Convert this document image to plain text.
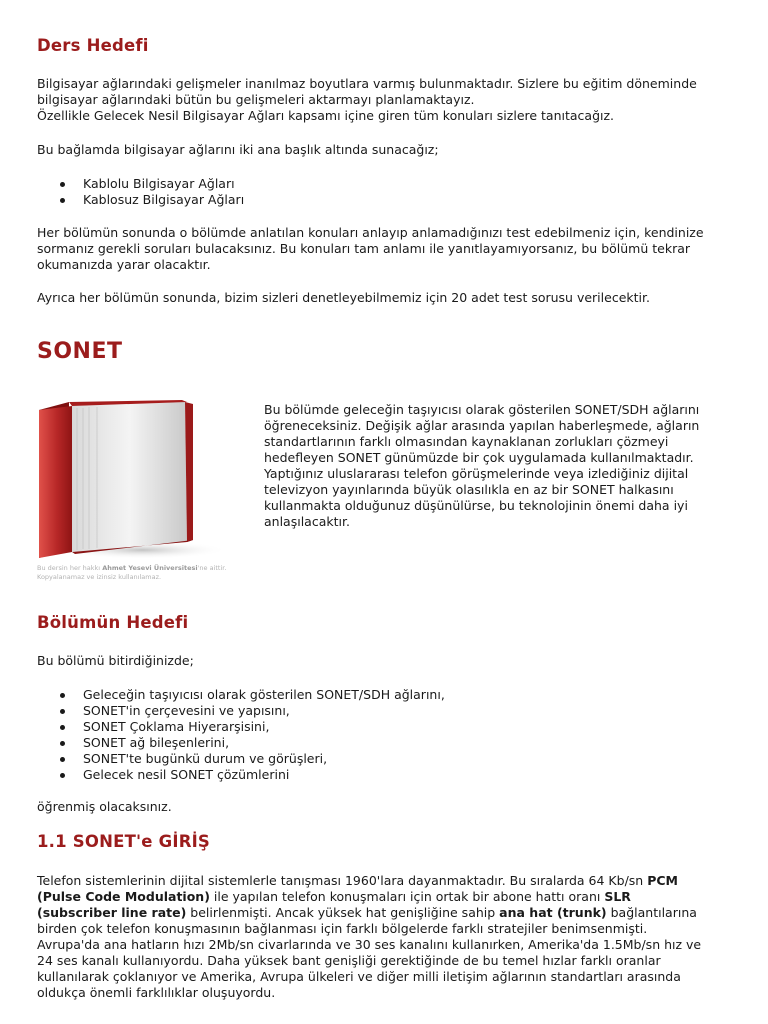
Ders Hedefi

Bilgisayar ağlarındaki gelişmeler inanılmaz boyutlara varmış bulunmaktadır. Sizlere bu eğitim döneminde

bilgisayar ağlarındaki bütün bu gelişmeleri aktarmayı planlamaktayız.

Özellikle Gelecek Nesil Bilgisayar Ağları kapsamı içine giren tüm konuları sizlere tanıtacağız.

Bu bağlamda bilgisayar ağlarını iki ana başlık altında sunacağız;

Kablolu Bilgisayar Ağları
Kablosuz Bilgisayar Ağları

Her bölümün sonunda o bölümde anlatılan konuları anlayıp anlamadığınızı test edebilmeniz için, kendinize

sormanız gerekli soruları bulacaksınız. Bu konuları tam anlamı ile yanıtlayamıyorsanız, bu bölümü tekrar

okumanızda yarar olacaktır.

Ayrıca her bölümün sonunda, bizim sizleri denetleyebilmemiz için 20 adet test sorusu verilecektir.

SONET
Bu dersin her hakkı Ahmet Yesevi Üniversitesi'ne aittir.
Kopyalanamaz ve izinsiz kullanılamaz.

Bu bölümde geleceğin taşıyıcısı olarak gösterilen SONET/SDH ağlarını

öğreneceksiniz. Değişik ağlar arasında yapılan haberleşmede, ağların

standartlarının farklı olmasından kaynaklanan zorlukları çözmeyi

hedefleyen SONET günümüzde bir çok uygulamada kullanılmaktadır.

Yaptığınız uluslararası telefon görüşmelerinde veya izlediğiniz dijital

televizyon yayınlarında büyük olasılıkla en az bir SONET halkasını

kullanmakta olduğunuz düşünülürse, bu teknolojinin önemi daha iyi

anlaşılacaktır.

Bölümün Hedefi

Bu bölümü bitirdiğinizde;

Geleceğin taşıyıcısı olarak gösterilen SONET/SDH ağlarını,
SONET'in çerçevesini ve yapısını,
SONET Çoklama Hiyerarşisini,
SONET ağ bileşenlerini,
SONET'te bugünkü durum ve görüşleri,
Gelecek nesil SONET çözümlerini

öğrenmiş olacaksınız.

1.1 SONET'e GİRİŞ

Telefon sistemlerinin dijital sistemlerle tanışması 1960'lara dayanmaktadır. Bu sıralarda 64 Kb/sn PCM

(Pulse Code Modulation) ile yapılan telefon konuşmaları için ortak bir abone hattı oranı SLR

(subscriber line rate) belirlenmişti. Ancak yüksek hat genişliğine sahip ana hat (trunk) bağlantılarına

birden çok telefon konuşmasının bağlanması için farklı bölgelerde farklı stratejiler benimsenmişti.

Avrupa'da ana hatların hızı 2Mb/sn civarlarında ve 30 ses kanalını kullanırken, Amerika'da 1.5Mb/sn hız ve

24 ses kanalı kullanıyordu. Daha yüksek bant genişliği gerektiğinde de bu temel hızlar farklı oranlar

kullanılarak çoklanıyor ve Amerika, Avrupa ülkeleri ve diğer milli iletişim ağlarının standartları arasında

oldukça önemli farklılıklar oluşuyordu.
